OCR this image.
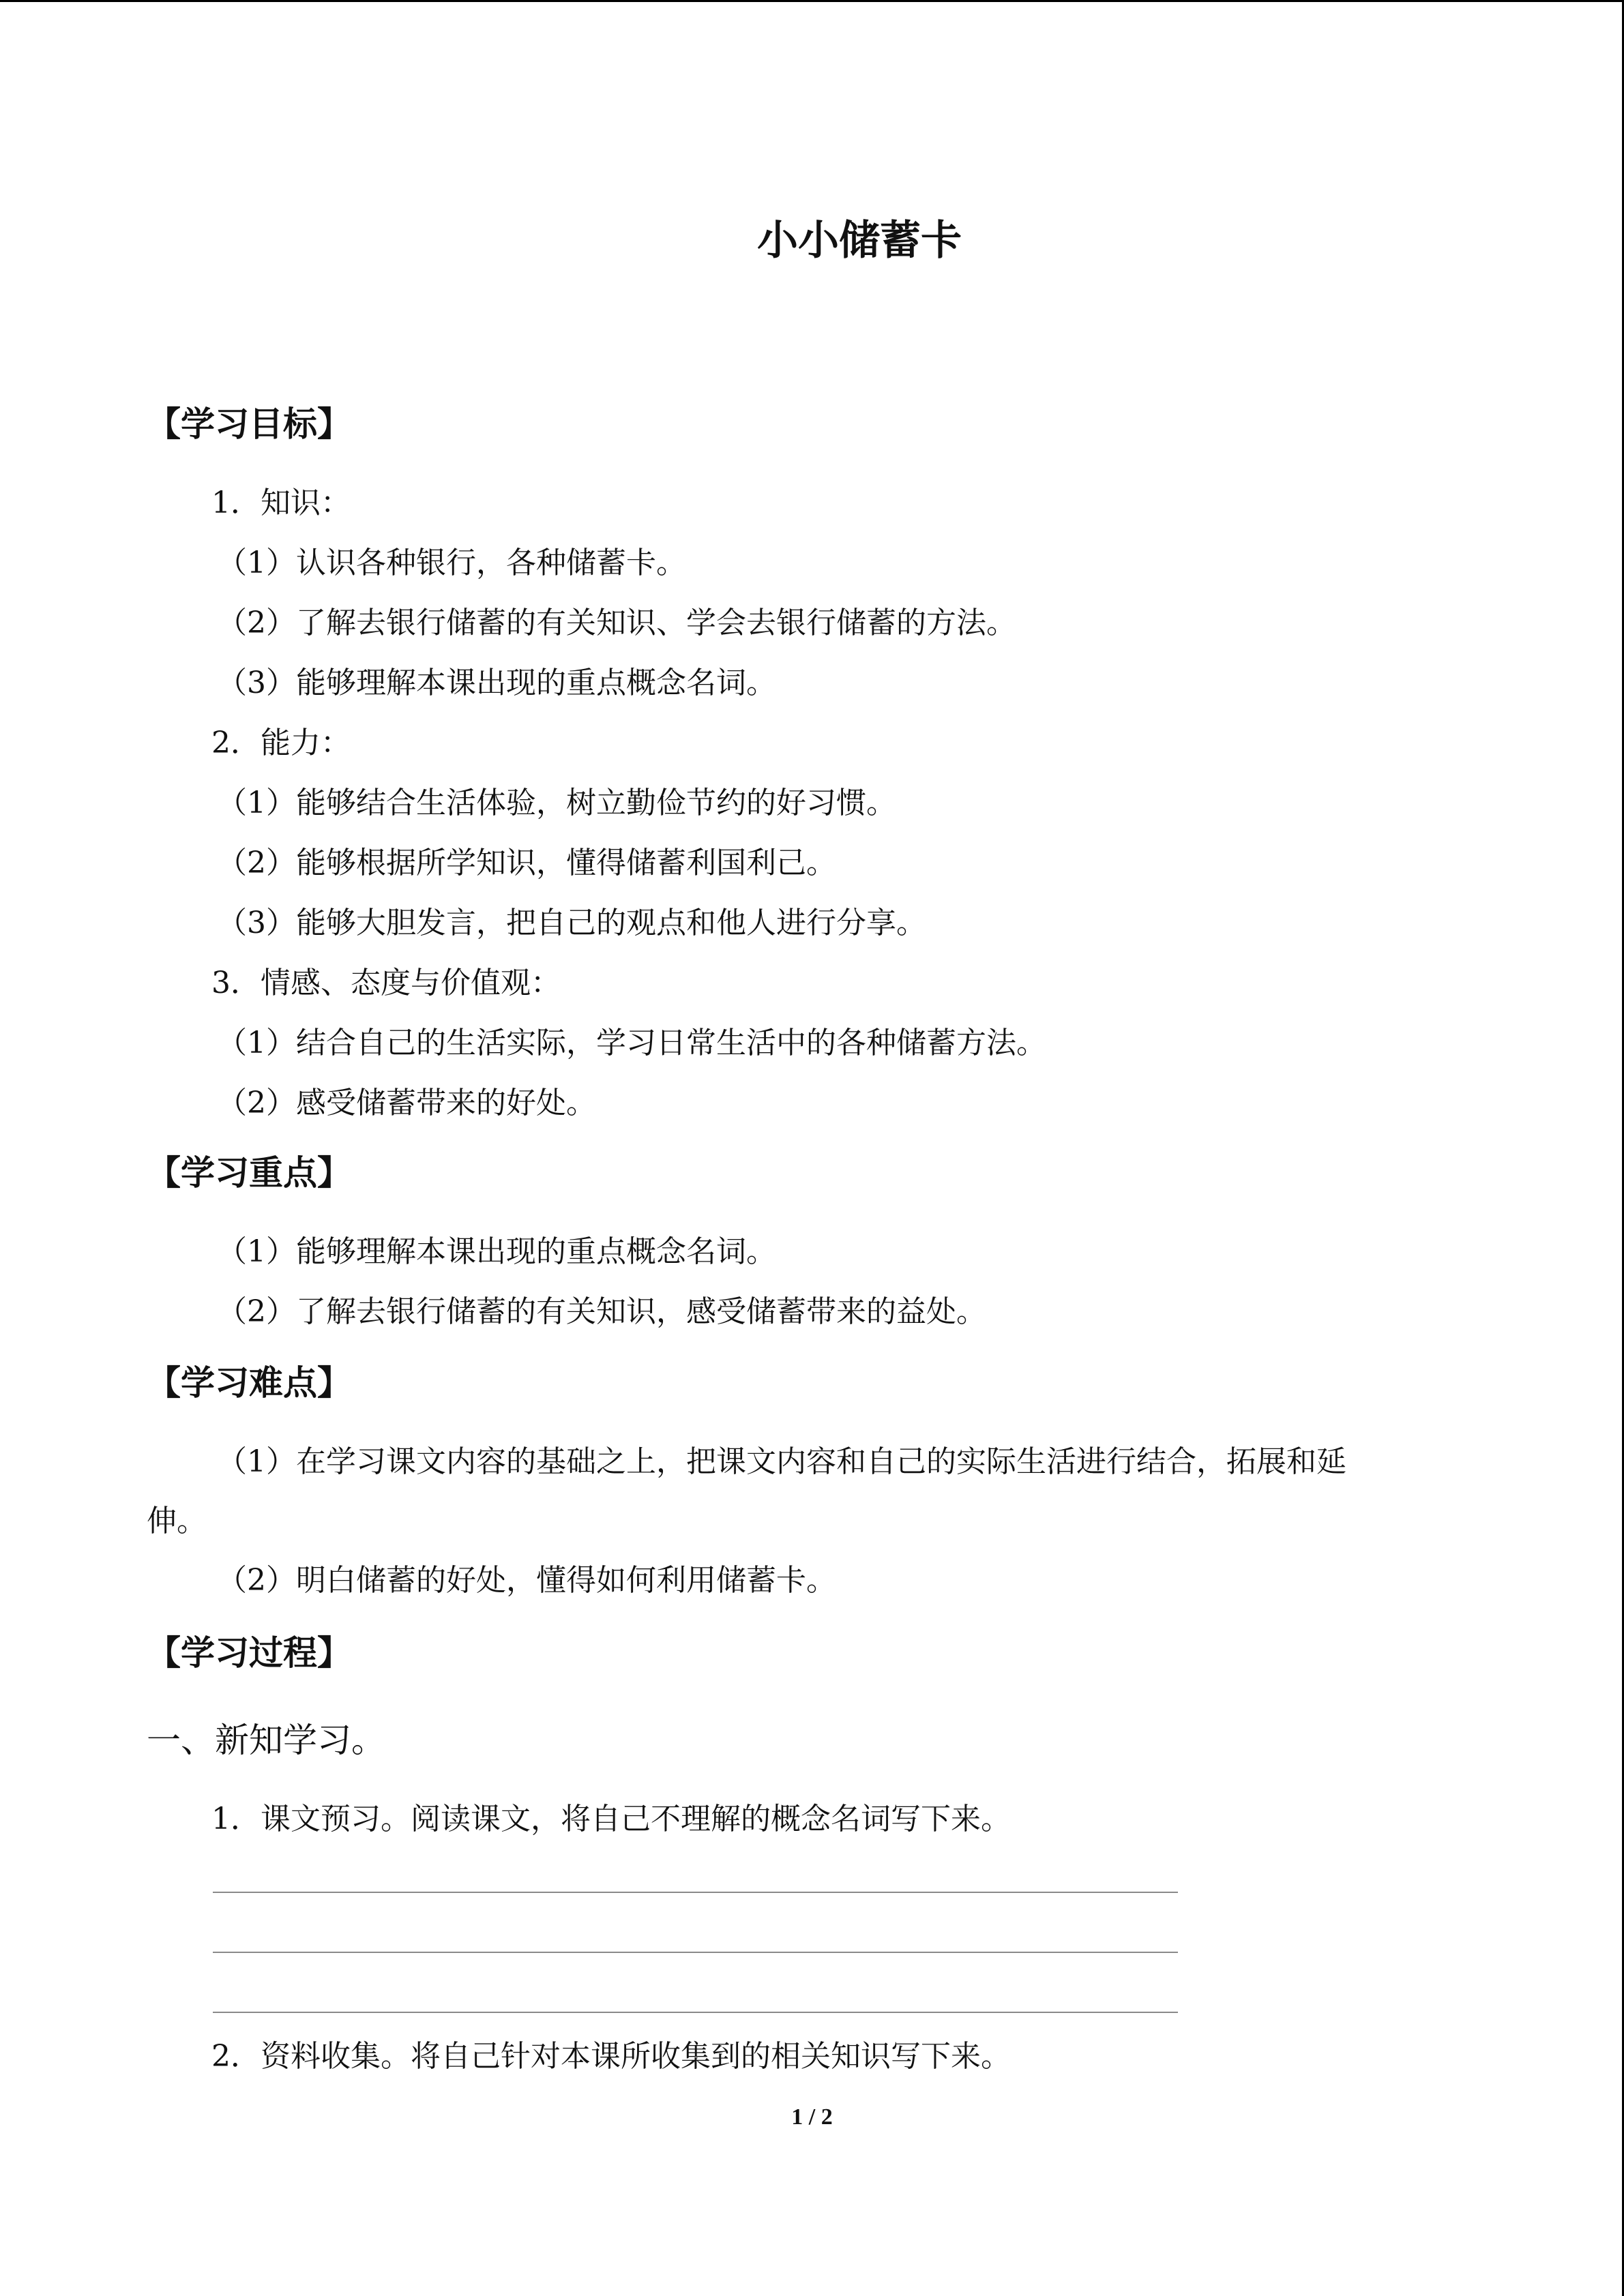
小小储蓄卡
【学习目标】
1．知识：
（1）认识各种银行，各种储蓄卡。
（2）了解去银行储蓄的有关知识、学会去银行储蓄的方法。
（3）能够理解本课出现的重点概念名词。
2．能力：
（1）能够结合生活体验，树立勤俭节约的好习惯。
（2）能够根据所学知识，懂得储蓄利国利己。
（3）能够大胆发言，把自己的观点和他人进行分享。
3．情感、态度与价值观：
（1）结合自己的生活实际，学习日常生活中的各种储蓄方法。
（2）感受储蓄带来的好处。
【学习重点】
（1）能够理解本课出现的重点概念名词。
（2）了解去银行储蓄的有关知识，感受储蓄带来的益处。
【学习难点】
（1）在学习课文内容的基础之上，把课文内容和自己的实际生活进行结合，拓展和延
伸。
（2）明白储蓄的好处，懂得如何利用储蓄卡。
【学习过程】
一、新知学习。
1．课文预习。阅读课文，将自己不理解的概念名词写下来。
2．资料收集。将自己针对本课所收集到的相关知识写下来。
1 / 2
